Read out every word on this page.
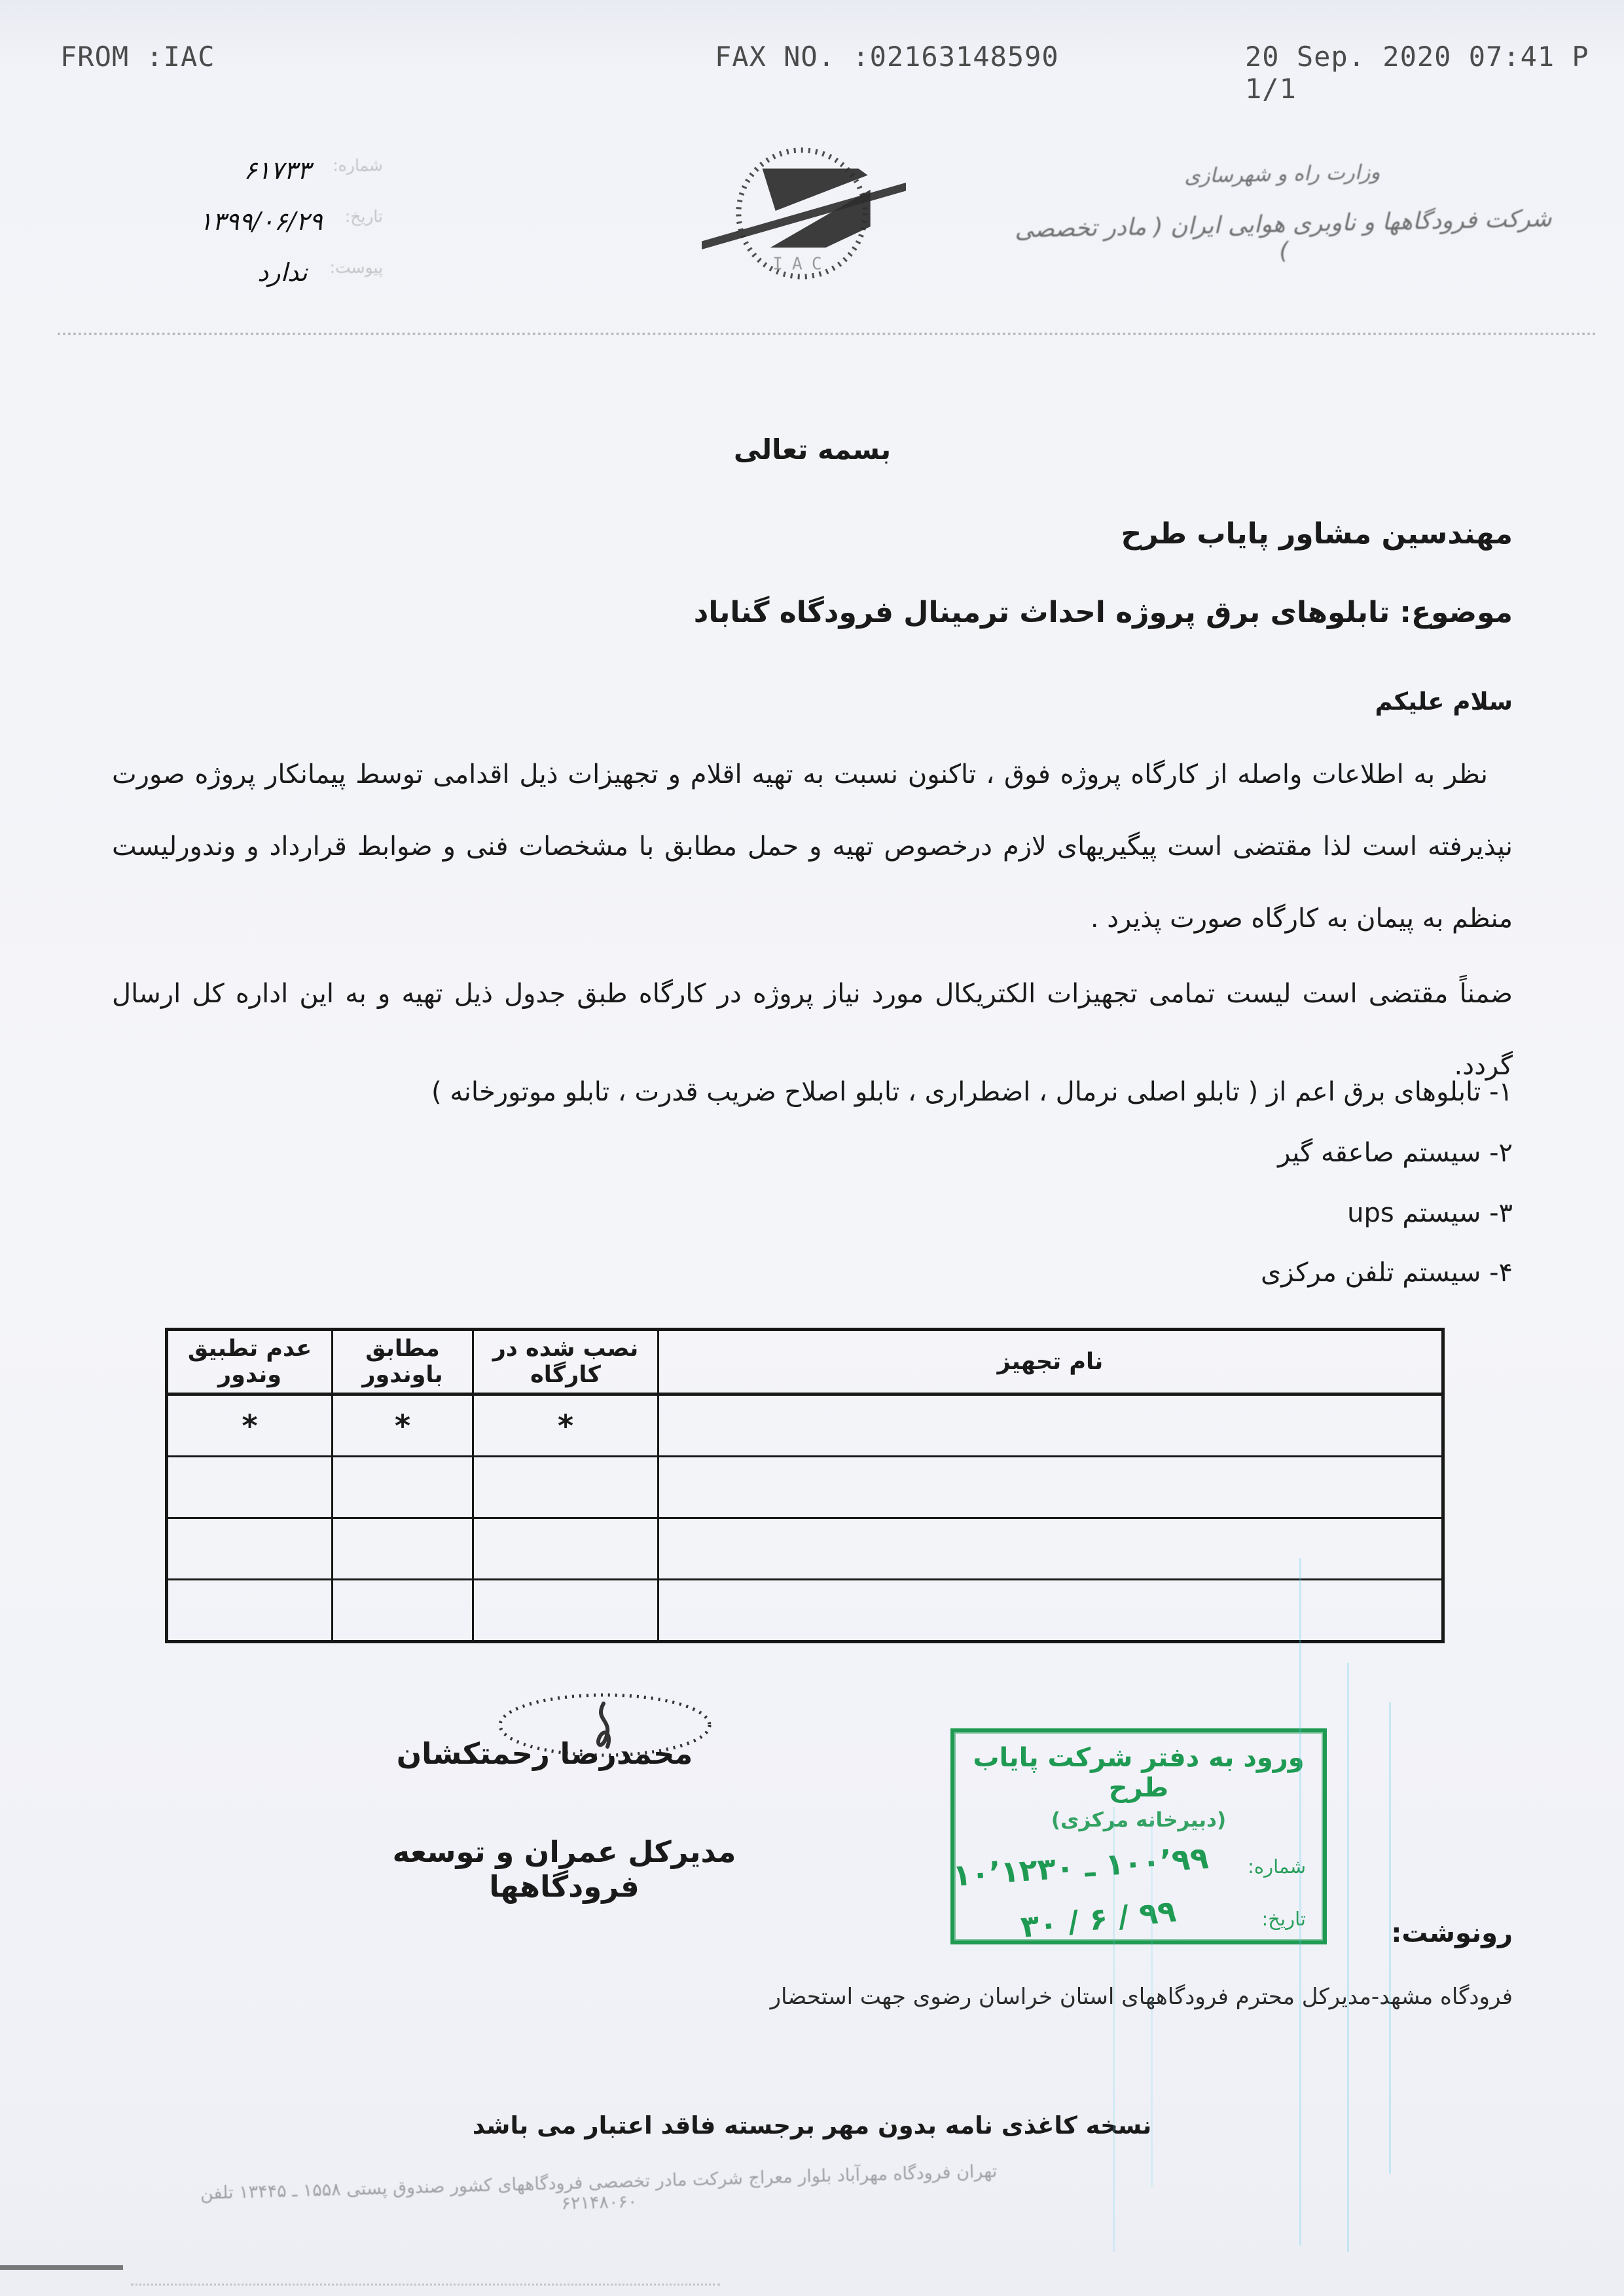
FROM :IAC	FAX NO. :02163148590	20 Sep. 2020 07:41 P 1/1
شماره:
۶۱۷۳۳
تاریخ:
۱۳۹۹/۰۶/۲۹
پیوست:
ندارد	IAC
وزارت راه و شهرسازی
شرکت فرودگاهها و ناوبری هوایی ایران ( مادر تخصصی )
بسمه تعالی
مهندسین مشاور پایاب طرح
موضوع: تابلوهای برق پروژه احداث ترمینال فرودگاه گناباد
سلام علیکم
نظر به اطلاعات واصله از کارگاه پروژه فوق ، تاکنون نسبت به تهیه اقلام و تجهیزات ذیل اقدامی توسط پیمانکار پروژه صورت نپذیرفته است لذا مقتضی است پیگیریهای لازم درخصوص تهیه و حمل مطابق با مشخصات فنی و ضوابط قرارداد و وندورلیست منظم به پیمان به کارگاه صورت پذیرد .
ضمناً مقتضی است لیست تمامی تجهیزات الکتریکال مورد نیاز پروژه در کارگاه طبق جدول ذیل تهیه و به این اداره کل ارسال گردد.
۱- تابلوهای برق اعم از ( تابلو اصلی نرمال ، اضطراری ، تابلو اصلاح ضریب قدرت ، تابلو موتورخانه )
۲- سیستم صاعقه گیر
۳- سیستم ups
۴- سیستم تلفن مرکزی
نام تجهیز	نصب شده در کارگاه	مطابق باوندور	عدم تطبیق وندور
	*	*	*

محمدرضا رحمتکشان
مدیرکل عمران و توسعه فرودگاهها
ورود به دفتر شرکت پایاب طرح
(دبیرخانه مرکزی)
شماره:
۱۰۰٬۹۹ ـ ۱۰٬۱۲۳۰
تاریخ:
۹۹ / ۶ / ۳۰
رونوشت:
فرودگاه مشهد-مدیرکل محترم فرودگاههای استان خراسان رضوی جهت استحضار
نسخه کاغذی نامه بدون مهر برجسته فاقد اعتبار می باشد
تهران فرودگاه مهرآباد بلوار معراج شرکت مادر تخصصی فرودگاههای کشور صندوق پستی ۱۵۵۸ ـ ۱۳۴۴۵ تلفن ۶۲۱۴۸۰۶۰
